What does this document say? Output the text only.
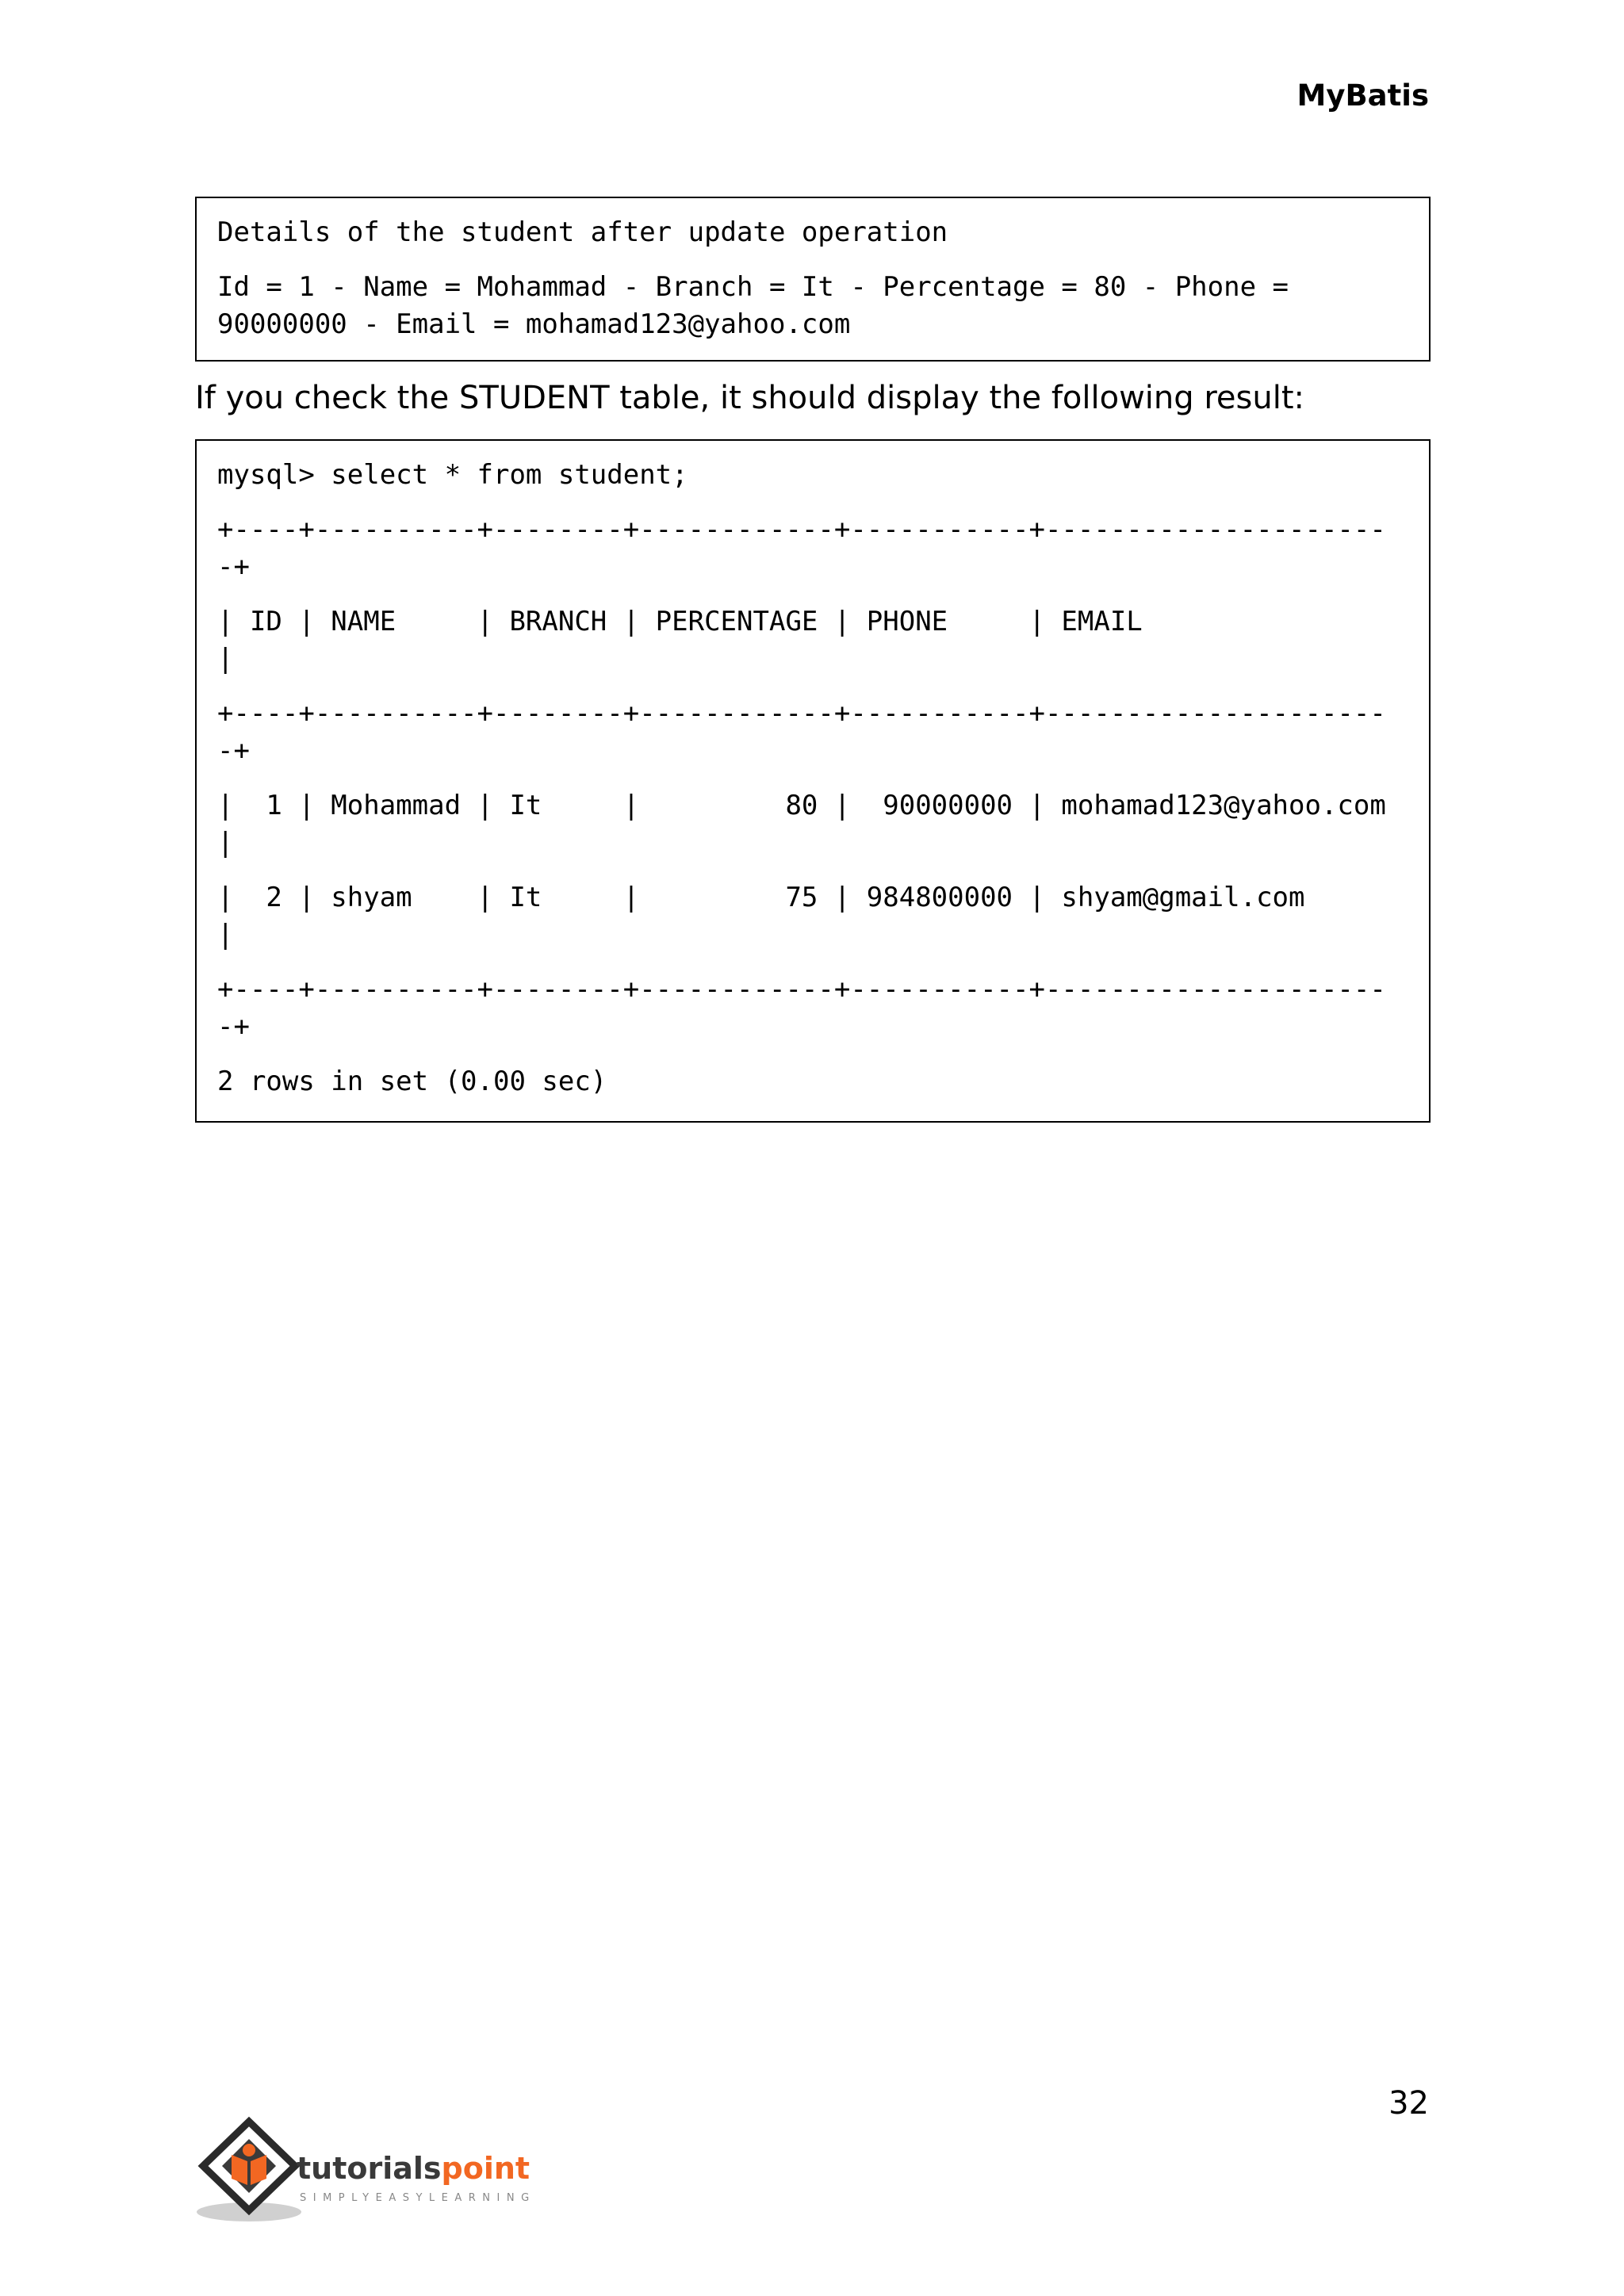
MyBatis
Details of the student after update operation
Id = 1 - Name = Mohammad - Branch = It - Percentage = 80 - Phone = 90000000 - Email = mohamad123@yahoo.com
If you check the STUDENT table, it should display the following result:
mysql> select * from student;
+----+----------+--------+------------+-----------+---------------------
-+
| ID | NAME     | BRANCH | PERCENTAGE | PHONE     | EMAIL
|
+----+----------+--------+------------+-----------+---------------------
-+
|  1 | Mohammad | It     |         80 |  90000000 | mohamad123@yahoo.com
|
|  2 | shyam    | It     |         75 | 984800000 | shyam@gmail.com
|
+----+----------+--------+------------+-----------+---------------------
-+
2 rows in set (0.00 sec)
32
tutorialspoint
SIMPLYEASYLEARNING
